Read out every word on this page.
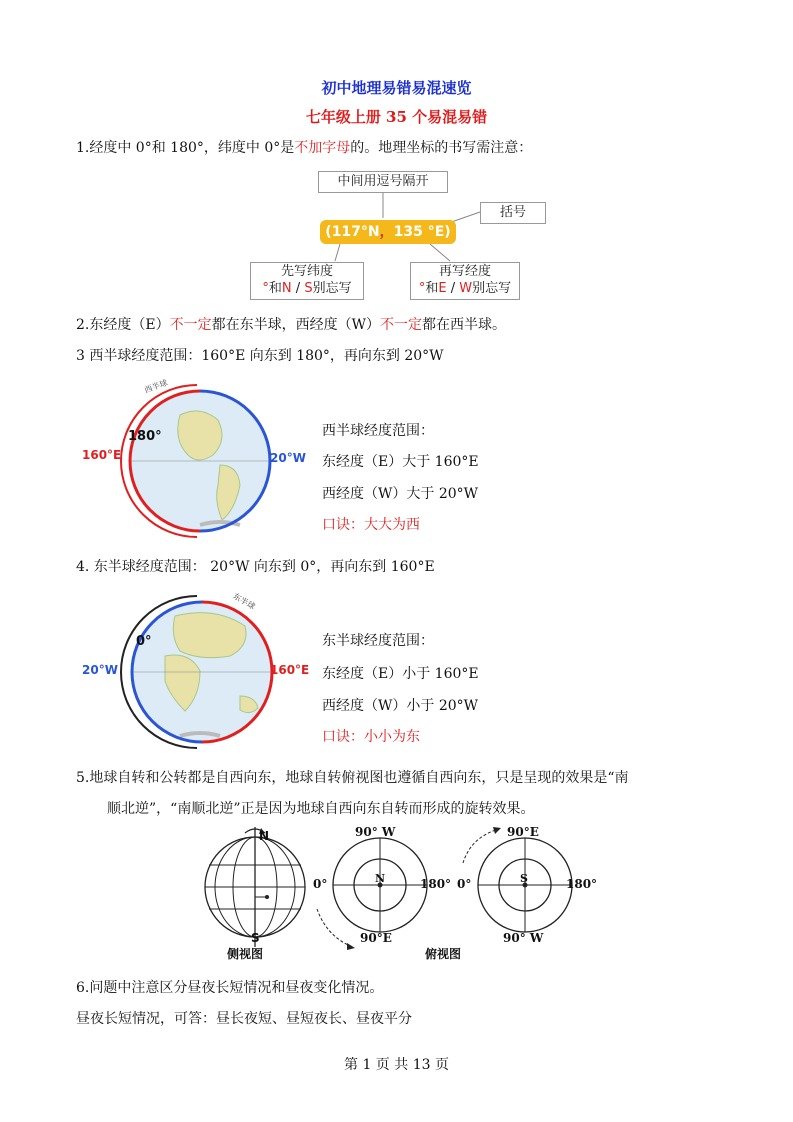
初中地理易错易混速览
七年级上册 35 个易混易错
1.经度中 0°和 180°，纬度中 0°是不加字母的。地理坐标的书写需注意：
中间用逗号隔开
(117°N，135 °E)
括号
先写纬度
°和N / S别忘写
再写经度
°和E / W别忘写
2.东经度（E）不一定都在东半球，西经度（W）不一定都在西半球。
3 西半球经度范围：160°E 向东到 180°，再向东到 20°W
160°E
180°
20°W
西半球
西半球经度范围：
东经度（E）大于 160°E
西经度（W）大于 20°W
口诀：大大为西
4. 东半球经度范围： 20°W 向东到 0°，再向东到 160°E
20°W
0°
160°E
东半球
东半球经度范围：
东经度（E）小于 160°E
西经度（W）小于 20°W
口诀：小小为东
5.地球自转和公转都是自西向东，地球自转俯视图也遵循自西向东，只是呈现的效果是“南
顺北逆”，“南顺北逆”正是因为地球自西向东自转而形成的旋转效果。
N
S
侧视图	俯视图
90° W
90°E
0°	180°
N
90°E
90° W
0°	180°
S
6.问题中注意区分昼夜长短情况和昼夜变化情况。
昼夜长短情况，可答：昼长夜短、昼短夜长、昼夜平分
第 1 页 共 13 页
